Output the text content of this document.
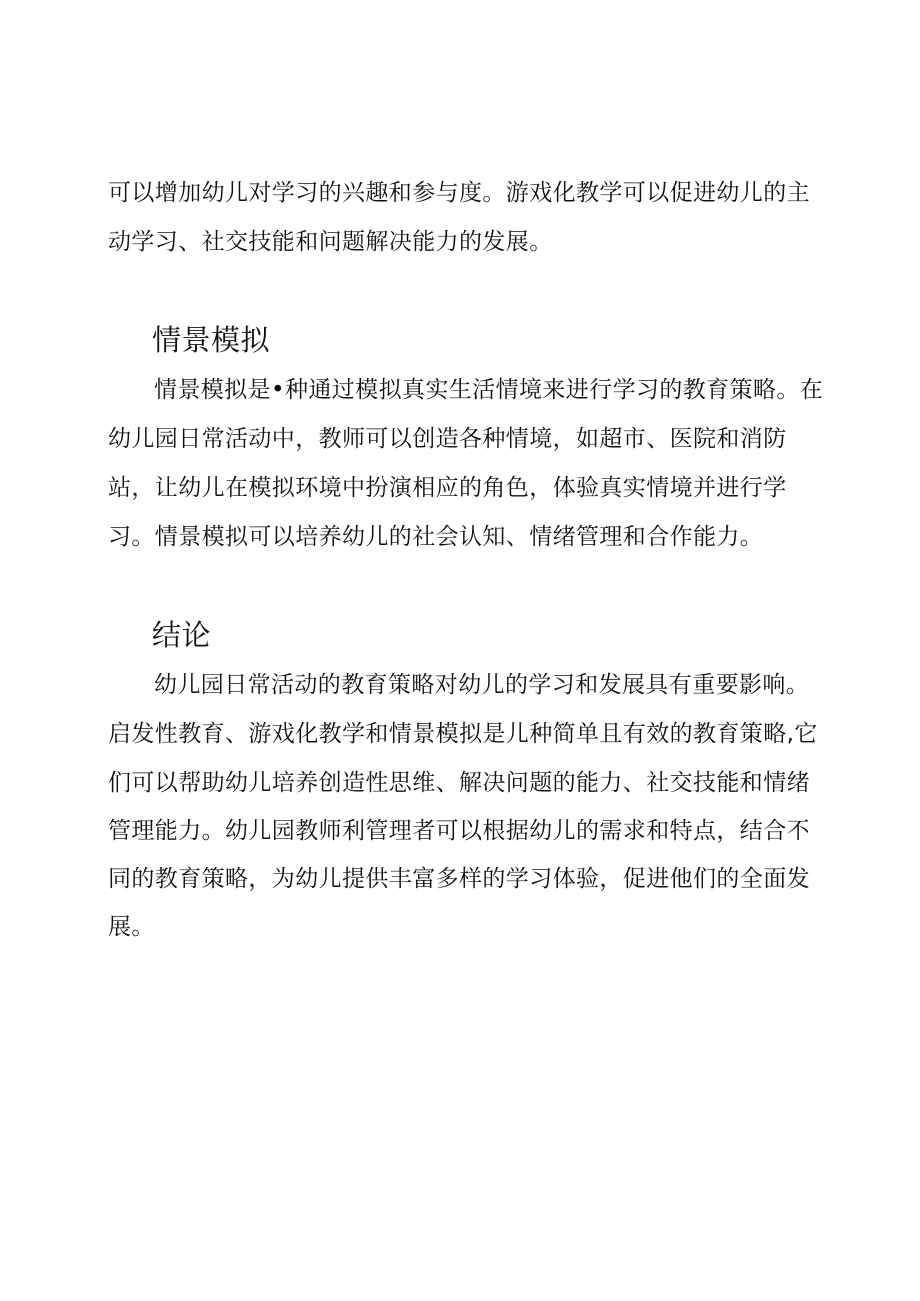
可以增加幼儿对学习的兴趣和参与度。游戏化教学可以促进幼儿的主
动学习、社交技能和问题解决能力的发展。
情景模拟
情景模拟是•种通过模拟真实生活情境来进行学习的教育策略。在
幼儿园日常活动中，教师可以创造各种情境，如超市、医院和消防
站，让幼儿在模拟环境中扮演相应的角色，体验真实情境并进行学
习。情景模拟可以培养幼儿的社会认知、情绪管理和合作能力。
结论
幼儿园日常活动的教育策略对幼儿的学习和发展具有重要影响。
启发性教育、游戏化教学和情景模拟是儿种简单且有效的教育策略,它
们可以帮助幼儿培养创造性思维、解决问题的能力、社交技能和情绪
管理能力。幼儿园教师利管理者可以根据幼儿的需求和特点，结合不
同的教育策略，为幼儿提供丰富多样的学习体验，促进他们的全面发
展。
